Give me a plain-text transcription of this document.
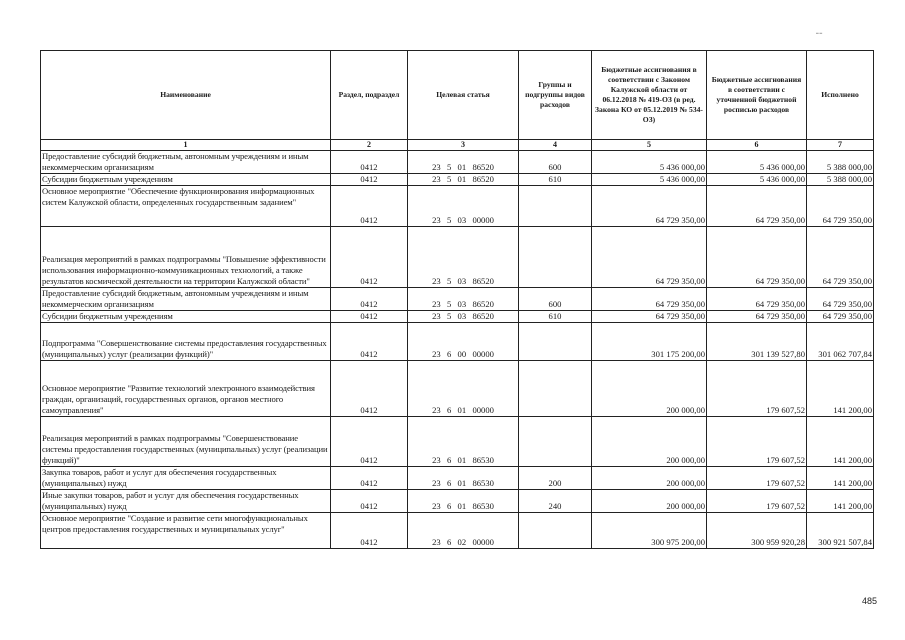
¦
Наименование	Раздел, подраздел	Целевая статья	Группы и подгруппы видов расходов	Бюджетные ассигнования в соответствии с Законом Калужской области от 06.12.2018 № 419-ОЗ (в ред. Закона КО от 05.12.2019 № 534-ОЗ)	Бюджетные ассигнования в соответствии с уточненной бюджетной росписью расходов	Исполнено
1	2	3	4	5	6	7
Предоставление субсидий бюджетным, автономным учреждениям и иным некоммерческим организациям	0412	23  5  01  86520	600	5 436 000,00	5 436 000,00	5 388 000,00
Субсидии бюджетным учреждениям	0412	23  5  01  86520	610	5 436 000,00	5 436 000,00	5 388 000,00
Основное мероприятие "Обеспечение функционирования информационных систем Калужской области, определенных государственным заданием"	0412	23  5  03  00000		64 729 350,00	64 729 350,00	64 729 350,00
Реализация мероприятий в рамках подпрограммы "Повышение эффективности использования информационно-коммуникационных технологий, а также результатов космической деятельности на территории Калужской области"	0412	23  5  03  86520		64 729 350,00	64 729 350,00	64 729 350,00
Предоставление субсидий бюджетным, автономным учреждениям и иным некоммерческим организациям	0412	23  5  03  86520	600	64 729 350,00	64 729 350,00	64 729 350,00
Субсидии бюджетным учреждениям	0412	23  5  03  86520	610	64 729 350,00	64 729 350,00	64 729 350,00
Подпрограмма "Совершенствование системы предоставления государственных (муниципальных) услуг (реализации функций)"	0412	23  6  00  00000		301 175 200,00	301 139 527,80	301 062 707,84
Основное мероприятие "Развитие технологий электронного взаимодействия граждан, организаций, государственных органов, органов местного самоуправления"	0412	23  6  01  00000		200 000,00	179 607,52	141 200,00
Реализация мероприятий в рамках подпрограммы "Совершенствование системы предоставления государственных (муниципальных) услуг (реализации функций)"	0412	23  6  01  86530		200 000,00	179 607,52	141 200,00
Закупка товаров, работ и услуг для обеспечения государственных (муниципальных) нужд	0412	23  6  01  86530	200	200 000,00	179 607,52	141 200,00
Иные закупки товаров, работ и услуг для обеспечения государственных (муниципальных) нужд	0412	23  6  01  86530	240	200 000,00	179 607,52	141 200,00
Основное мероприятие "Создание и развитие сети многофункциональных центров предоставления государственных и муниципальных услуг"	0412	23  6  02  00000		300 975 200,00	300 959 920,28	300 921 507,84
485
